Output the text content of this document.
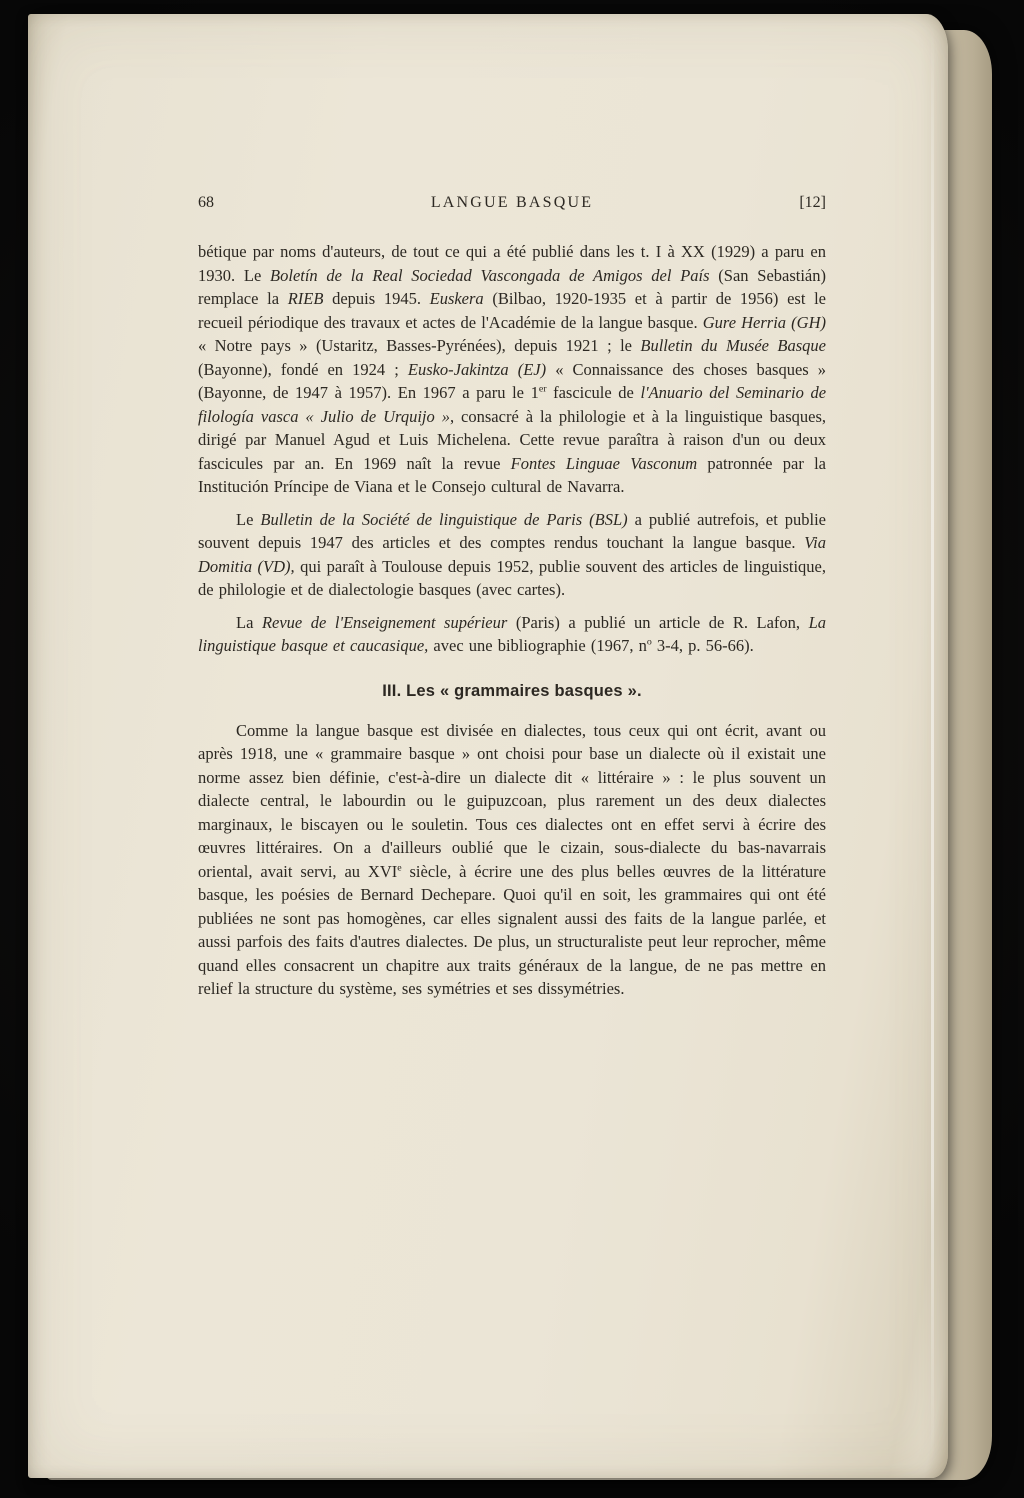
68	LANGUE BASQUE	[12]

bétique par noms d'auteurs, de tout ce qui a été publié dans les t. I à XX (1929) a paru en 1930. Le Boletín de la Real Sociedad Vascongada de Amigos del País (San Sebastián) remplace la RIEB depuis 1945. Euskera (Bilbao, 1920-1935 et à partir de 1956) est le recueil périodique des travaux et actes de l'Académie de la langue basque. Gure Herria (GH) « Notre pays » (Ustaritz, Basses-Pyrénées), depuis 1921 ; le Bulletin du Musée Basque (Bayonne), fondé en 1924 ; Eusko-Jakintza (EJ) « Connaissance des choses basques » (Bayonne, de 1947 à 1957). En 1967 a paru le 1er fascicule de l'Anuario del Seminario de filología vasca « Julio de Urquijo », consacré à la philologie et à la linguistique basques, dirigé par Manuel Agud et Luis Michelena. Cette revue paraîtra à raison d'un ou deux fascicules par an. En 1969 naît la revue Fontes Linguae Vasconum patronnée par la Institución Príncipe de Viana et le Consejo cultural de Navarra.

Le Bulletin de la Société de linguistique de Paris (BSL) a publié autrefois, et publie souvent depuis 1947 des articles et des comptes rendus touchant la langue basque. Via Domitia (VD), qui paraît à Toulouse depuis 1952, publie souvent des articles de linguistique, de philologie et de dialectologie basques (avec cartes).

La Revue de l'Enseignement supérieur (Paris) a publié un article de R. Lafon, La linguistique basque et caucasique, avec une bibliographie (1967, $n^o$ 3-4, p. 56-66).

III. Les « grammaires basques ».

Comme la langue basque est divisée en dialectes, tous ceux qui ont écrit, avant ou après 1918, une « grammaire basque » ont choisi pour base un dialecte où il existait une norme assez bien définie, c'est-à-dire un dialecte dit « littéraire » : le plus souvent un dialecte central, le labourdin ou le guipuzcoan, plus rarement un des deux dialectes marginaux, le biscayen ou le souletin. Tous ces dialectes ont en effet servi à écrire des œuvres littéraires. On a d'ailleurs oublié que le cizain, sous-dialecte du bas-navarrais oriental, avait servi, au XVIe siècle, à écrire une des plus belles œuvres de la littérature basque, les poésies de Bernard Dechepare. Quoi qu'il en soit, les grammaires qui ont été publiées ne sont pas homogènes, car elles signalent aussi des faits de la langue parlée, et aussi parfois des faits d'autres dialectes. De plus, un structuraliste peut leur reprocher, même quand elles consacrent un chapitre aux traits généraux de la langue, de ne pas mettre en relief la structure du système, ses symétries et ses dissymétries.
